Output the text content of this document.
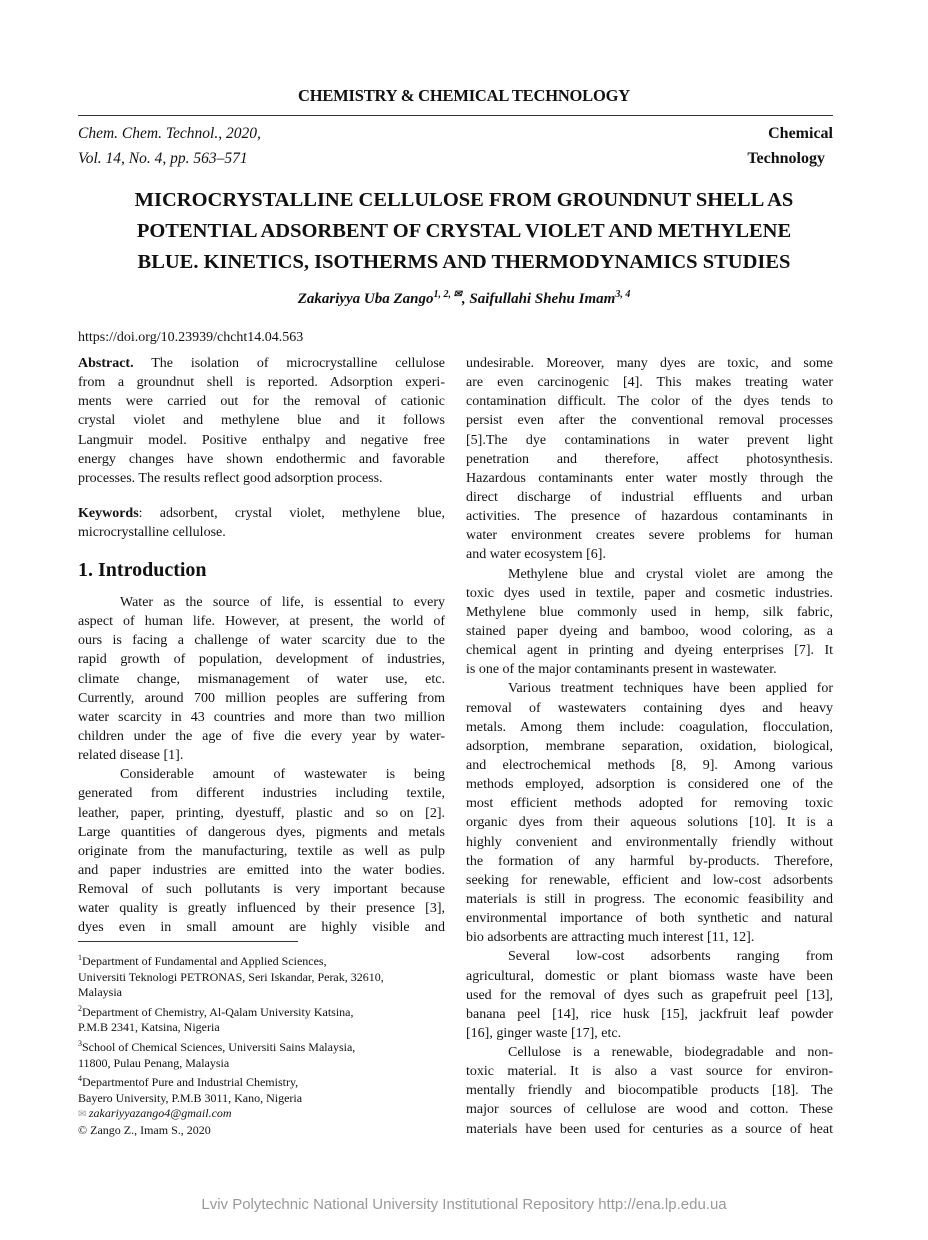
CHEMISTRY & CHEMICAL TECHNOLOGY
Chem. Chem. Technol., 2020,
Vol. 14, No. 4, pp. 563–571
Chemical
Technology
MICROCRYSTALLINE CELLULOSE FROM GROUNDNUT SHELL AS
POTENTIAL ADSORBENT OF CRYSTAL VIOLET AND METHYLENE
BLUE. KINETICS, ISOTHERMS AND THERMODYNAMICS STUDIES
Zakariyya Uba Zango$^{1, 2, ✉}$, Saifullahi Shehu Imam$^{3, 4}$
https://doi.org/10.23939/chcht14.04.563
Abstract. The isolation of microcrystalline cellulose
from a groundnut shell is reported. Adsorption experi-
ments were carried out for the removal of cationic
crystal violet and methylene blue and it follows
Langmuir model. Positive enthalpy and negative free
energy changes have shown endothermic and favorable
processes. The results reflect good adsorption process.
Keywords: adsorbent, crystal violet, methylene blue,
microcrystalline cellulose.
1. Introduction
Water as the source of life, is essential to every
aspect of human life. However, at present, the world of
ours is facing a challenge of water scarcity due to the
rapid growth of population, development of industries,
climate change, mismanagement of water use, etc.
Currently, around 700 million peoples are suffering from
water scarcity in 43 countries and more than two million
children under the age of five die every year by water-
related disease [1].
Considerable amount of wastewater is being
generated from different industries including textile,
leather, paper, printing, dyestuff, plastic and so on [2].
Large quantities of dangerous dyes, pigments and metals
originate from the manufacturing, textile as well as pulp
and paper industries are emitted into the water bodies.
Removal of such pollutants is very important because
water quality is greatly influenced by their presence [3],
dyes even in small amount are highly visible and
undesirable. Moreover, many dyes are toxic, and some
are even carcinogenic [4]. This makes treating water
contamination difficult. The color of the dyes tends to
persist even after the conventional removal processes
[5].The dye contaminations in water prevent light
penetration and therefore, affect photosynthesis.
Hazardous contaminants enter water mostly through the
direct discharge of industrial effluents and urban
activities. The presence of hazardous contaminants in
water environment creates severe problems for human
and water ecosystem [6].
Methylene blue and crystal violet are among the
toxic dyes used in textile, paper and cosmetic industries.
Methylene blue commonly used in hemp, silk fabric,
stained paper dyeing and bamboo, wood coloring, as a
chemical agent in printing and dyeing enterprises [7]. It
is one of the major contaminants present in wastewater.
Various treatment techniques have been applied for
removal of wastewaters containing dyes and heavy
metals. Among them include: coagulation, flocculation,
adsorption, membrane separation, oxidation, biological,
and electrochemical methods [8, 9]. Among various
methods employed, adsorption is considered one of the
most efficient methods adopted for removing toxic
organic dyes from their aqueous solutions [10]. It is a
highly convenient and environmentally friendly without
the formation of any harmful by-products. Therefore,
seeking for renewable, efficient and low-cost adsorbents
materials is still in progress. The economic feasibility and
environmental importance of both synthetic and natural
bio adsorbents are attracting much interest [11, 12].
Several low-cost adsorbents ranging from
agricultural, domestic or plant biomass waste have been
used for the removal of dyes such as grapefruit peel [13],
banana peel [14], rice husk [15], jackfruit leaf powder
[16], ginger waste [17], etc.
Cellulose is a renewable, biodegradable and non-
toxic material. It is also a vast source for environ-
mentally friendly and biocompatible products [18]. The
major sources of cellulose are wood and cotton. These
materials have been used for centuries as a source of heat
$^1$Department of Fundamental and Applied Sciences,
Universiti Teknologi PETRONAS, Seri Iskandar, Perak, 32610,
Malaysia
$^2$Department of Chemistry, Al-Qalam University Katsina,
P.M.B 2341, Katsina, Nigeria
$^3$School of Chemical Sciences, Universiti Sains Malaysia,
11800, Pulau Penang, Malaysia
$^4$Departmentof Pure and Industrial Chemistry,
Bayero University, P.M.B 3011, Kano, Nigeria
✉ zakariyyazango4@gmail.com
© Zango Z., Imam S., 2020
Lviv Polytechnic National University Institutional Repository http://ena.lp.edu.ua
